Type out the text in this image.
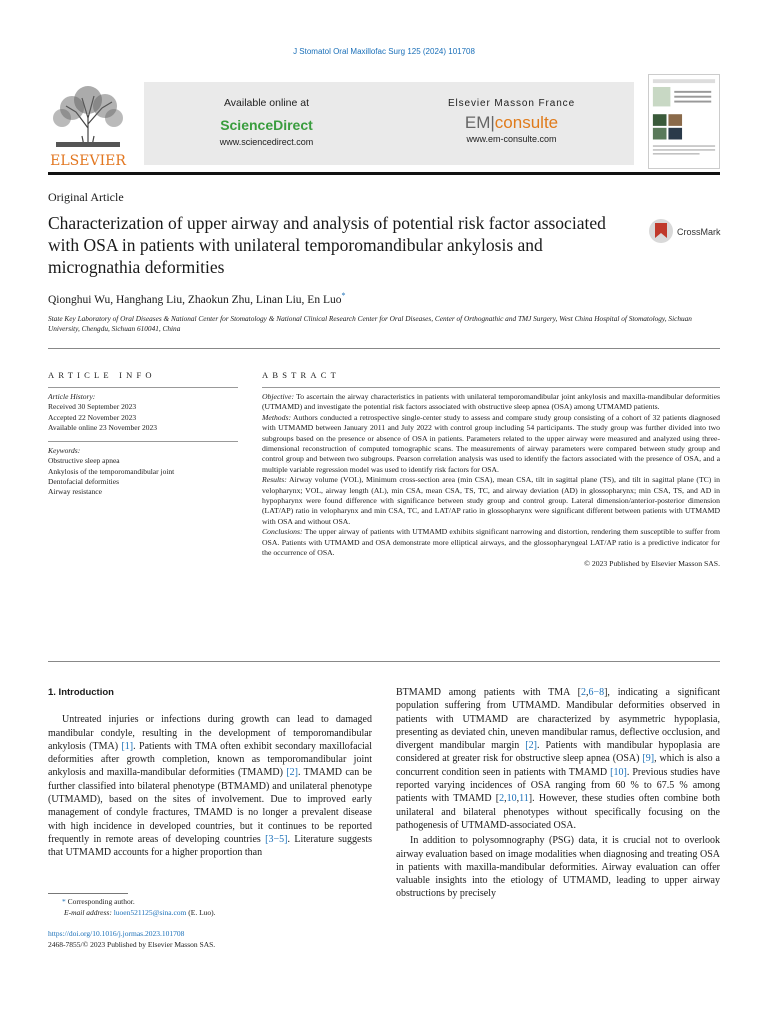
J Stomatol Oral Maxillofac Surg 125 (2024) 101708
ELSEVIER
Available online at
ScienceDirect
www.sciencedirect.com
Elsevier Masson France
EM|consulte
www.em-consulte.com
Original Article
Characterization of upper airway and analysis of potential risk factor associated with OSA in patients with unilateral temporomandibular ankylosis and micrognathia deformities
CrossMark
Qionghui Wu, Hanghang Liu, Zhaokun Zhu, Linan Liu, En Luo*
State Key Laboratory of Oral Diseases & National Center for Stomatology & National Clinical Research Center for Oral Diseases, Center of Orthognathic and TMJ Surgery, West China Hospital of Stomatology, Sichuan University, Chengdu, Sichuan 610041, China
ARTICLE INFO	ABSTRACT
Article History:
Received 30 September 2023
Accepted 22 November 2023
Available online 23 November 2023
Keywords:
Obstructive sleep apnea
Ankylosis of the temporomandibular joint
Dentofacial deformities
Airway resistance

Objective: To ascertain the airway characteristics in patients with unilateral temporomandibular joint ankylosis and maxilla-mandibular deformities (UTMAMD) and investigate the potential risk factors associated with obstructive sleep apnea (OSA) among UTMAMD patients.

Methods: Authors conducted a retrospective single-center study to assess and compare study group consisting of a cohort of 32 patients diagnosed with UTMAMD between January 2011 and July 2022 with control group including 54 participants. The study group was further divided into two subgroups based on the presence or absence of OSA in patients. Parameters related to the upper airway were measured and analyzed using three-dimensional reconstruction of computed tomographic scans. The measurements of airway parameters were compared between study group and control group and between two subgroups. Pearson correlation analysis was used to identify the factors associated with the presence of OSA, and a multiple variable regression model was used to identify risk factors for OSA.

Results: Airway volume (VOL), Minimum cross-section area (min CSA), mean CSA, tilt in sagittal plane (TS), and tilt in sagittal plane (TC) in velopharynx; VOL, airway length (AL), min CSA, mean CSA, TS, TC, and airway deviation (AD) in glossopharynx; min CSA, TS, and AD in hypopharynx were found difference with significance between study group and control group. Lateral dimension/anterior-posterior dimension (LAT/AP) ratio in velopharynx and min CSA, TC, and LAT/AP ratio in glossopharynx were significant different between patients with UTMAMD with OSA and without OSA.

Conclusions: The upper airway of patients with UTMAMD exhibits significant narrowing and distortion, rendering them susceptible to suffer from OSA. Patients with UTMAMD and OSA demonstrate more elliptical airways, and the glossopharyngeal LAT/AP ratio is a predictive indicator for the occurrence of OSA.

© 2023 Published by Elsevier Masson SAS.

1. Introduction

Untreated injuries or infections during growth can lead to damaged mandibular condyle, resulting in the development of temporomandibular ankylosis (TMA) [1]. Patients with TMA often exhibit secondary maxillofacial deformities after growth completion, known as temporomandibular joint ankylosis and maxilla-mandibular deformities (TMAMD) [2]. TMAMD can be further classified into bilateral phenotype (BTMAMD) and unilateral phenotype (UTMAMD), based on the sites of involvement. Due to improved early management of condyle fractures, TMAMD is no longer a prevalent disease with high incidence in developed countries, but it continues to be reported frequently in remote areas of developing countries [3−5]. Literature suggests that UTMAMD accounts for a higher proportion than

BTMAMD among patients with TMA [2,6−8], indicating a significant population suffering from UTMAMD. Mandibular deformities observed in patients with UTMAMD are characterized by asymmetric hypoplasia, presenting as deviated chin, uneven mandibular ramus, deflective occlusion, and divergent mandibular margin [2]. Patients with mandibular hypoplasia are considered at greater risk for obstructive sleep apnea (OSA) [9], which is also a concurrent condition seen in patients with TMAMD [10]. Previous studies have reported varying incidences of OSA ranging from 60 % to 67.5 % among patients with TMAMD [2,10,11]. However, these studies often combine both unilateral and bilateral phenotypes without specifically focusing on the pathogenesis of UTMAMD-associated OSA.

In addition to polysomnography (PSG) data, it is crucial not to overlook airway evaluation based on image modalities when diagnosing and treating OSA in patients with maxilla-mandibular deformities. Airway evaluation can offer valuable insights into the etiology of UTMAMD, leading to upper airway obstructions by precisely

* Corresponding author.
E-mail address: luoen521125@sina.com (E. Luo).
https://doi.org/10.1016/j.jormas.2023.101708
2468-7855/© 2023 Published by Elsevier Masson SAS.
